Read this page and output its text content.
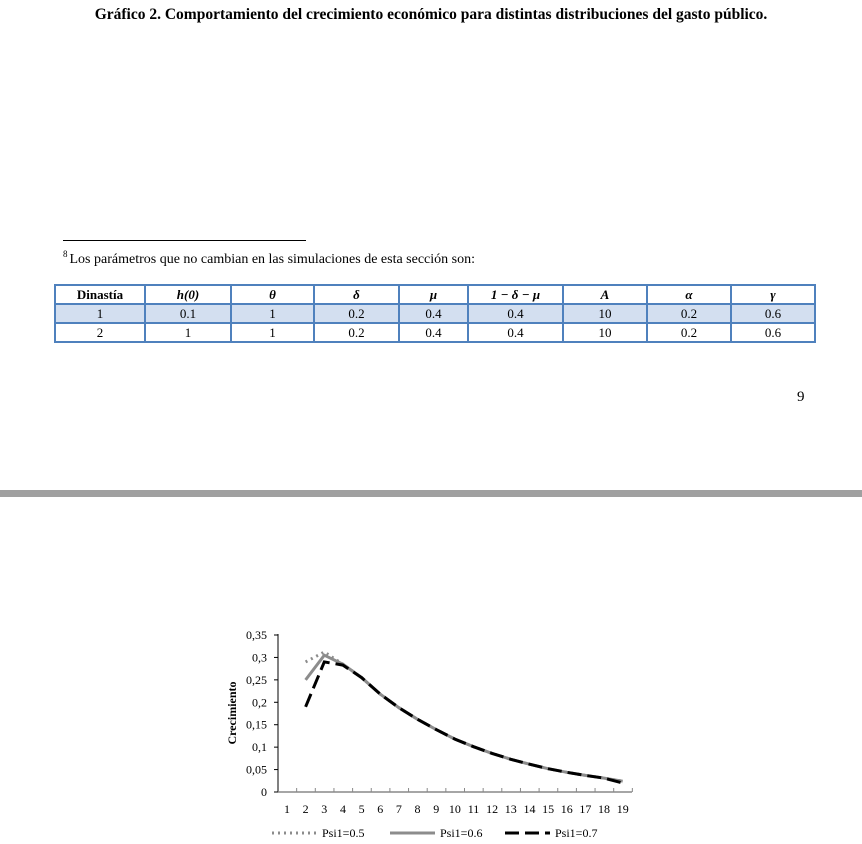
Gráfico 2. Comportamiento del crecimiento económico para distintas distribuciones del gasto público.
$^8$ Los parámetros que no cambian en las simulaciones de esta sección son:
Dinastía	h(0)	θ	δ	μ	1 − δ − μ	A	α	γ
1	0.1	1	0.2	0.4	0.4	10	0.2	0.6
2	1	1	0.2	0.4	0.4	10	0.2	0.6
9
0
0,05
0,1
0,15
0,2
0,25
0,3
0,35
1 2 3 4 5 6 7 8 9 10 11 12 13 14 15 16 17 18 19
Crecimiento
Psi1=0.5	Psi1=0.6	Psi1=0.7
